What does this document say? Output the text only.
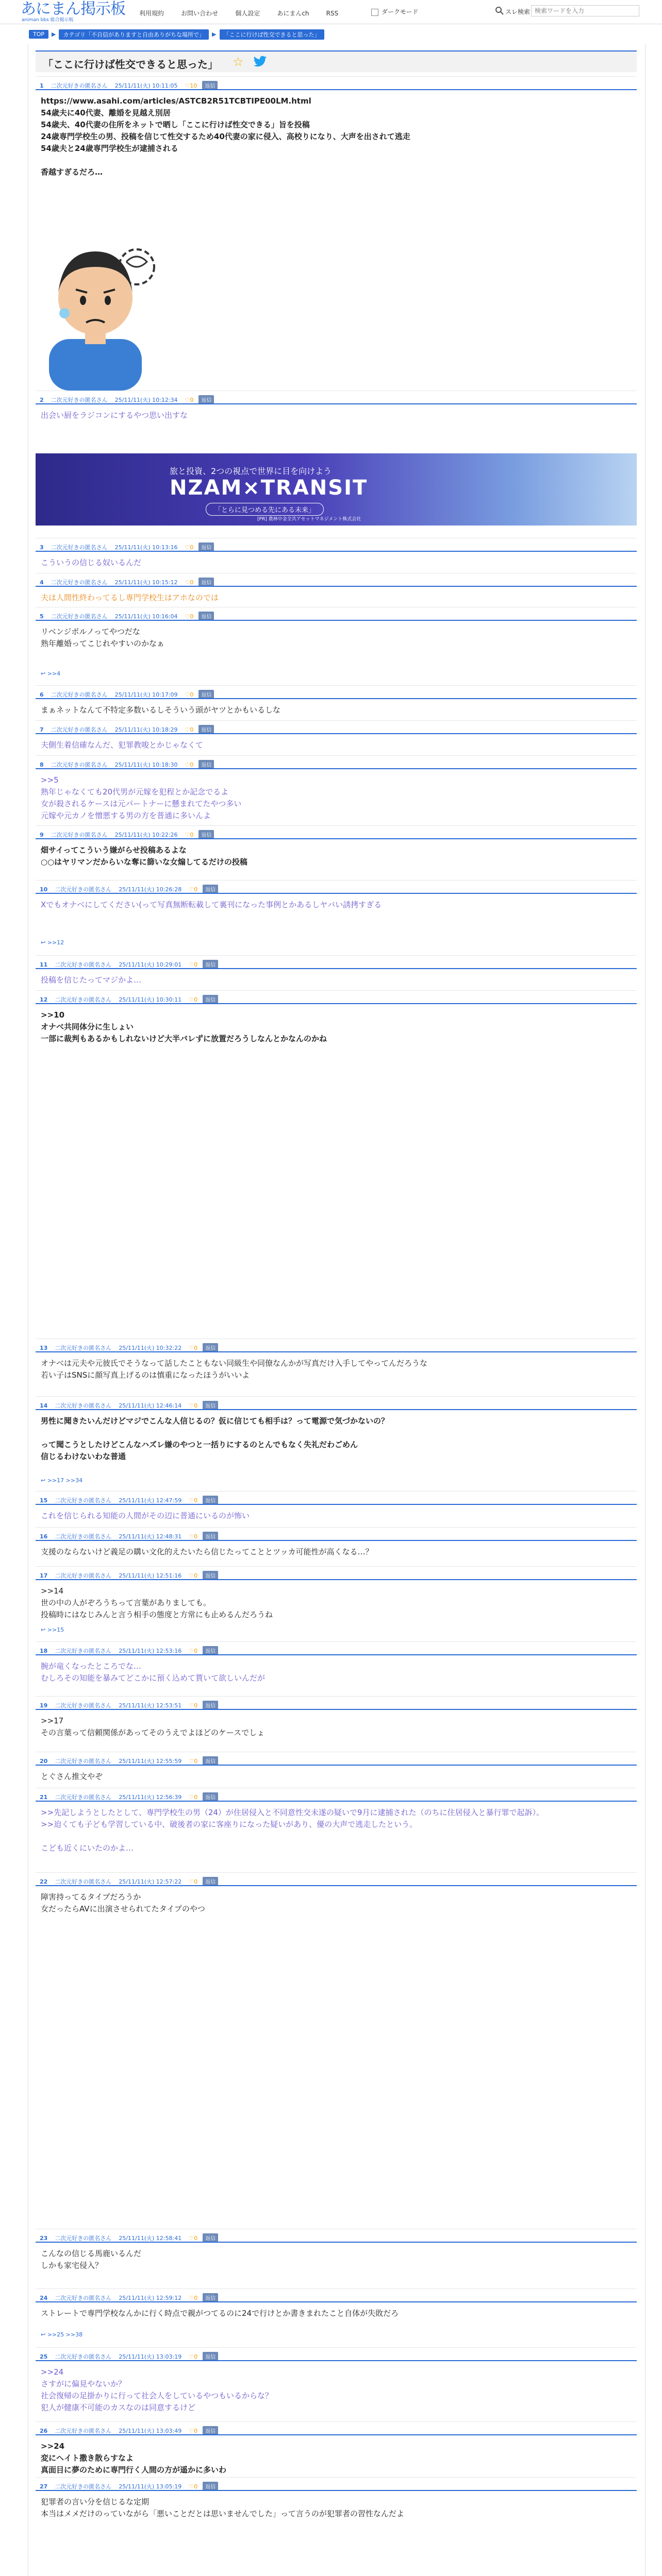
あにまん掲示板
animan bbs 総合掲示板
利用規約	お問い合わせ	個人設定	あにまんch	RSS	ダークモード	スレ検索
検索ワードを入力
TOP ▶ カテゴリ「不自信がありますと自由ありがちな場所で」 ▶ 「ここに行けば性交できると思った」
「ここに行けば性交できると思った」 ☆
1 二次元好きの匿名さん 25/11/11(火) 10:11:05 ♡10 返信
https://www.asahi.com/articles/ASTCB2R51TCBTIPE00LM.html
54歳夫に40代妻、離婚を見越え別居
54歳夫、40代妻の住所をネットで晒し「ここに行けば性交できる」旨を投稿
24歳専門学校生の男、投稿を信じて性交するため40代妻の家に侵入、高校りになり、大声を出されて逃走
54歳夫と24歳専門学校生が逮捕される

香越すぎるだろ…
2 二次元好きの匿名さん 25/11/11(火) 10:12:34 ♡0 返信
出会い厨をラジコンにするやつ思い出すな
3 二次元好きの匿名さん 25/11/11(火) 10:13:16 ♡0 返信
こういうの信じる奴いるんだ
4 二次元好きの匿名さん 25/11/11(火) 10:15:12 ♡0 返信
夫は人間性終わってるし専門学校生はアホなのでは
5 二次元好きの匿名さん 25/11/11(火) 10:16:04 ♡0 返信
リベンジポルノってやつだな
熟年離婚ってこじれやすいのかなぁ
↩ >>4
6 二次元好きの匿名さん 25/11/11(火) 10:17:09 ♡0 返信
まぁネットなんて不特定多数いるしそういう頭がヤツとかもいるしな
7 二次元好きの匿名さん 25/11/11(火) 10:18:29 ♡0 返信
夫側生着信確なんだ、犯罪教唆とかじゃなくて
8 二次元好きの匿名さん 25/11/11(火) 10:18:30 ♡0 返信
>>5
熟年じゃなくても20代男が元嫁を犯程とか記念でるよ
女が殺されるケースは元パートナーに懸まれてたやつ多い
元嫁や元カノを憎悪する男の方を普通に多いんよ
9 二次元好きの匿名さん 25/11/11(火) 10:22:26 ♡0 返信
畑サイってこういう嫌がらせ投稿あるよな
○○はヤリマンだからいな奪に篩いな女煽してるだけの投稿
10 二次元好きの匿名さん 25/11/11(火) 10:26:28 ♡0 返信
Xでもオナべにしてください(って写真無断転載して裏刊になった事例とかあるしヤバい誘拷すぎる
↩ >>12
11 二次元好きの匿名さん 25/11/11(火) 10:29:01 ♡0 返信
投稿を信じたってマジかよ…
12 二次元好きの匿名さん 25/11/11(火) 10:30:11 ♡0 返信
>>10
オナべ共同体分に生しょい
一部に裁判もあるかもしれないけど大半バレずに放置だろうしなんとかなんのかね
13 二次元好きの匿名さん 25/11/11(火) 10:32:22 ♡0 返信
オナべは元夫や元彼氏でそうなって話したこともない同級生や同僚なんかが写真だけ入手してやってんだろうな
若い子はSNSに顔写真上げるのは慎重になったほうがいいよ
14 二次元好きの匿名さん 25/11/11(火) 12:46:14 ♡0 返信
男性に聞きたいんだけどマジでこんな人信じるの？仮に信じても相手は？って電源で気づかないの？

って聞こうとしたけどこんなハズレ嫌のやつと一括りにするのとんでもなく失礼だわごめん
信じるわけないわな普通
↩ >>17 >>34
15 二次元好きの匿名さん 25/11/11(火) 12:47:59 ♡0 返信
これを信じられる知能の人間がその辺に普通にいるのが怖い
16 二次元好きの匿名さん 25/11/11(火) 12:48:31 ♡0 返信
支援のならないけど義足の購い文化的えたいたら信じたってこととツッカ可能性が高くなる…？
17 二次元好きの匿名さん 25/11/11(火) 12:51:16 ♡0 返信
>>14
世の中の人がぞろうちって言葉がありましても。
投稿時にはなじみんと言う相手の態度と方常にも止めるんだろうね
↩ >>15
18 二次元好きの匿名さん 25/11/11(火) 12:53:16 ♡0 返信
腕が竜くなったところでな…
むしろその知能を暴みてどこかに預く込めて貰いて欲しいんだが
19 二次元好きの匿名さん 25/11/11(火) 12:53:51 ♡0 返信
>>17
その言葉って信頼関係があってそのうえでよほどのケースでしょ
20 二次元好きの匿名さん 25/11/11(火) 12:55:59 ♡0 返信
とぐさん推文やぞ
21 二次元好きの匿名さん 25/11/11(火) 12:56:39 ♡0 返信
>>先記しようとしたとして、専門学校生の男（24）が住居侵入と不同意性交未遂の疑いで9月に逮捕された（のちに住居侵入と暴行罪で起訴）。
>>迫くても子ども学習している中、破後者の家に客座りになった疑いがあり、優の大声で逃走したという。

こども近くにいたのかよ…
22 二次元好きの匿名さん 25/11/11(火) 12:57:22 ♡0 返信
障害持ってるタイプだろうか
女だったらAVに出演させられてたタイプのやつ
23 二次元好きの匿名さん 25/11/11(火) 12:58:41 ♡0 返信
こんなの信じる馬鹿いるんだ
しかも家宅侵入？
24 二次元好きの匿名さん 25/11/11(火) 12:59:12 ♡0 返信
ストレートで専門学校なんかに行く時点で親がつてるのに24で行けとか書きまれたこと自体が失敗だろ
↩ >>25 >>38
25 二次元好きの匿名さん 25/11/11(火) 13:03:19 ♡0 返信
>>24
さすがに偏見やないか？
社会復帰の足掛かりに行って社会人をしているやつもいるからな？
犯人が健康不可能のカスなのは同意するけど
26 二次元好きの匿名さん 25/11/11(火) 13:03:49 ♡0 返信
>>24
変にヘイト撒き散らすなよ
真面目に夢のために専門行く人間の方が遥かに多いわ
27 二次元好きの匿名さん 25/11/11(火) 13:05:19 ♡0 返信
犯罪者の言い分を信じるな定期
本当はメメだけのっていながら「悪いことだとは思いませんでした」って言うのが犯罪者の習性なんだよ
旅と投資、2つの視点で世界に目を向けよう
NZAM×TRANSIT
「とらに見つめる先にある未来」
[PR] 農林中金全共アセットマネジメント株式会社
